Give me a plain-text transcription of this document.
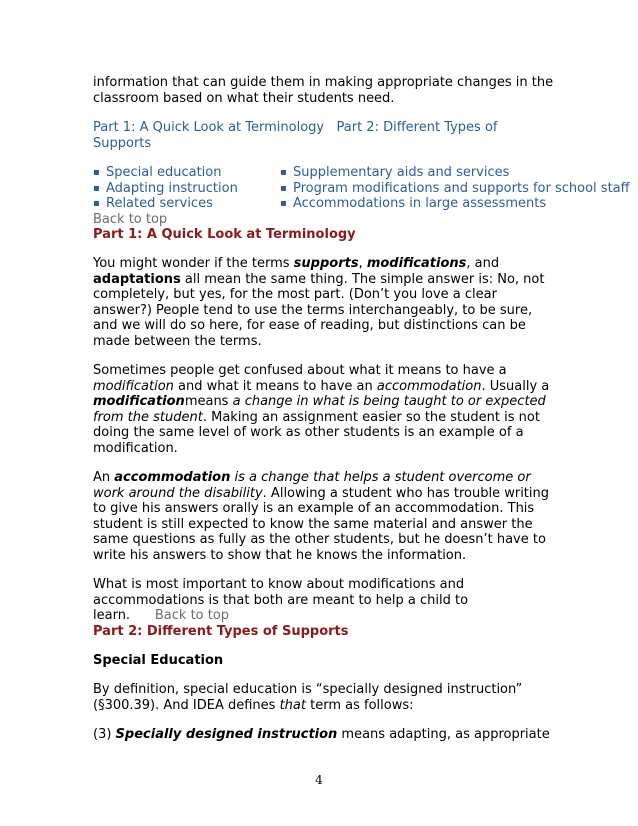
information that can guide them in making appropriate changes in the
classroom based on what their students need.

Part 1: A Quick Look at Terminology Part 2: Different Types of
Supports

▪ Special education
▪ Adapting instruction
▪ Related services
▪ Supplementary aids and services
▪ Program modifications and supports for school staff
▪ Accommodations in large assessments

Back to top

Part 1: A Quick Look at Terminology

You might wonder if the terms supports, modifications, and
adaptations all mean the same thing. The simple answer is: No, not
completely, but yes, for the most part. (Don’t you love a clear
answer?) People tend to use the terms interchangeably, to be sure,
and we will do so here, for ease of reading, but distinctions can be
made between the terms.

Sometimes people get confused about what it means to have a
modification and what it means to have an accommodation. Usually a
modificationmeans a change in what is being taught to or expected
from the student. Making an assignment easier so the student is not
doing the same level of work as other students is an example of a
modification.

An accommodation is a change that helps a student overcome or
work around the disability. Allowing a student who has trouble writing
to give his answers orally is an example of an accommodation. This
student is still expected to know the same material and answer the
same questions as fully as the other students, but he doesn’t have to
write his answers to show that he knows the information.

What is most important to know about modifications and
accommodations is that both are meant to help a child to
learn. Back to top

Part 2: Different Types of Supports

Special Education

By definition, special education is “specially designed instruction”
(§300.39). And IDEA defines that term as follows:

(3) Specially designed instruction means adapting, as appropriate

4
